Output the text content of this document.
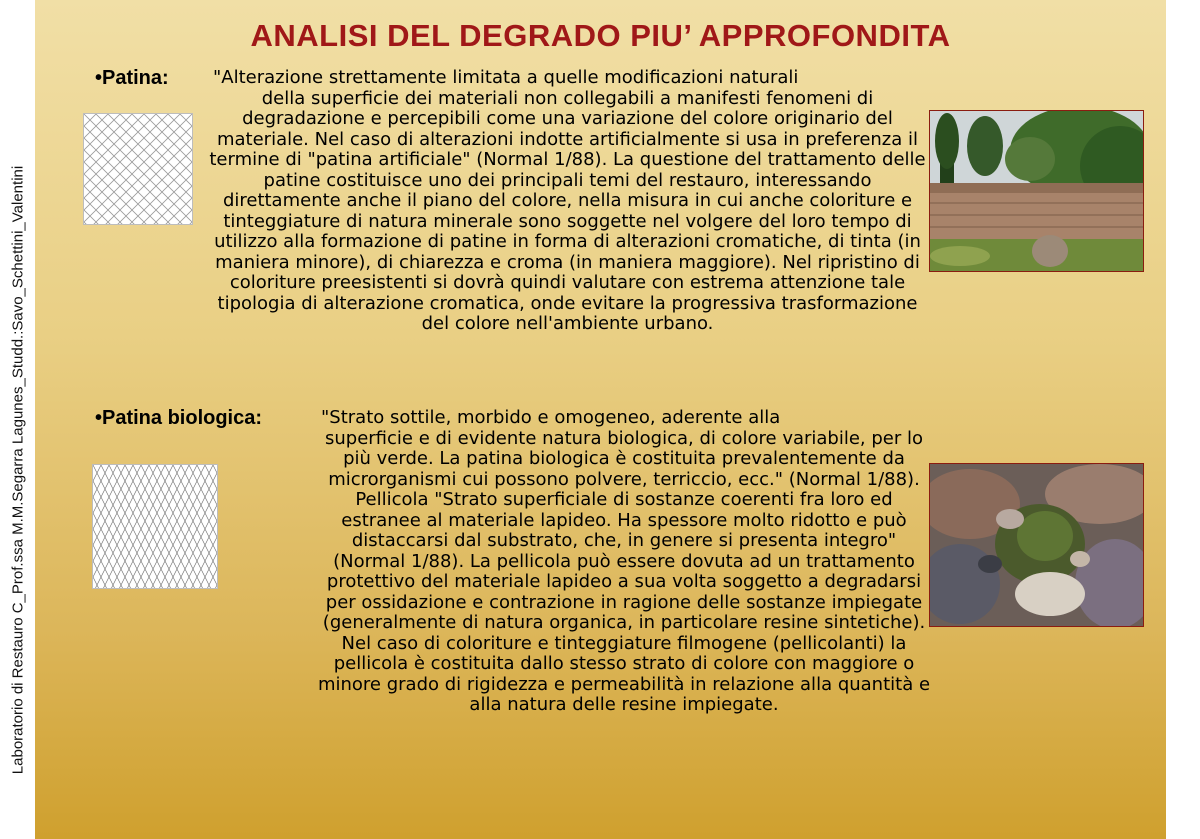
Laboratorio di Restauro C_Prof.ssa M.M.Segarra Lagunes_Studd.:Savo_Schettini_Valentini
ANALISI DEL DEGRADO PIU’ APPROFONDITA
•Patina: "Alterazione strettamente limitata a quelle modificazioni naturali
della superficie dei materiali non collegabili a manifesti fenomeni di degradazione e percepibili come una variazione del colore originario del materiale. Nel caso di alterazioni indotte artificialmente si usa in preferenza il termine di "patina artificiale" (Normal 1/88). La questione del trattamento delle patine costituisce uno dei principali temi del restauro, interessando direttamente anche il piano del colore, nella misura in cui anche coloriture e tinteggiature di natura minerale sono soggette nel volgere del loro tempo di utilizzo alla formazione di patine in forma di alterazioni cromatiche, di tinta (in maniera minore), di chiarezza e croma (in maniera maggiore). Nel ripristino di coloriture preesistenti si dovrà quindi valutare con estrema attenzione tale tipologia di alterazione cromatica, onde evitare la progressiva trasformazione del colore nell'ambiente urbano.
•Patina biologica:	"Strato sottile, morbido e omogeneo, aderente alla
superficie e di evidente natura biologica, di colore variabile, per lo più verde. La patina biologica è costituita prevalentemente da microrganismi cui possono polvere, terriccio, ecc." (Normal 1/88). Pellicola "Strato superficiale di sostanze coerenti fra loro ed estranee al materiale lapideo. Ha spessore molto ridotto e può distaccarsi dal substrato, che, in genere si presenta integro" (Normal 1/88). La pellicola può essere dovuta ad un trattamento protettivo del materiale lapideo a sua volta soggetto a degradarsi per ossidazione e contrazione in ragione delle sostanze impiegate (generalmente di natura organica, in particolare resine sintetiche). Nel caso di coloriture e tinteggiature filmogene (pellicolanti) la pellicola è costituita dallo stesso strato di colore con maggiore o minore grado di rigidezza e permeabilità in relazione alla quantità e alla natura delle resine impiegate.
